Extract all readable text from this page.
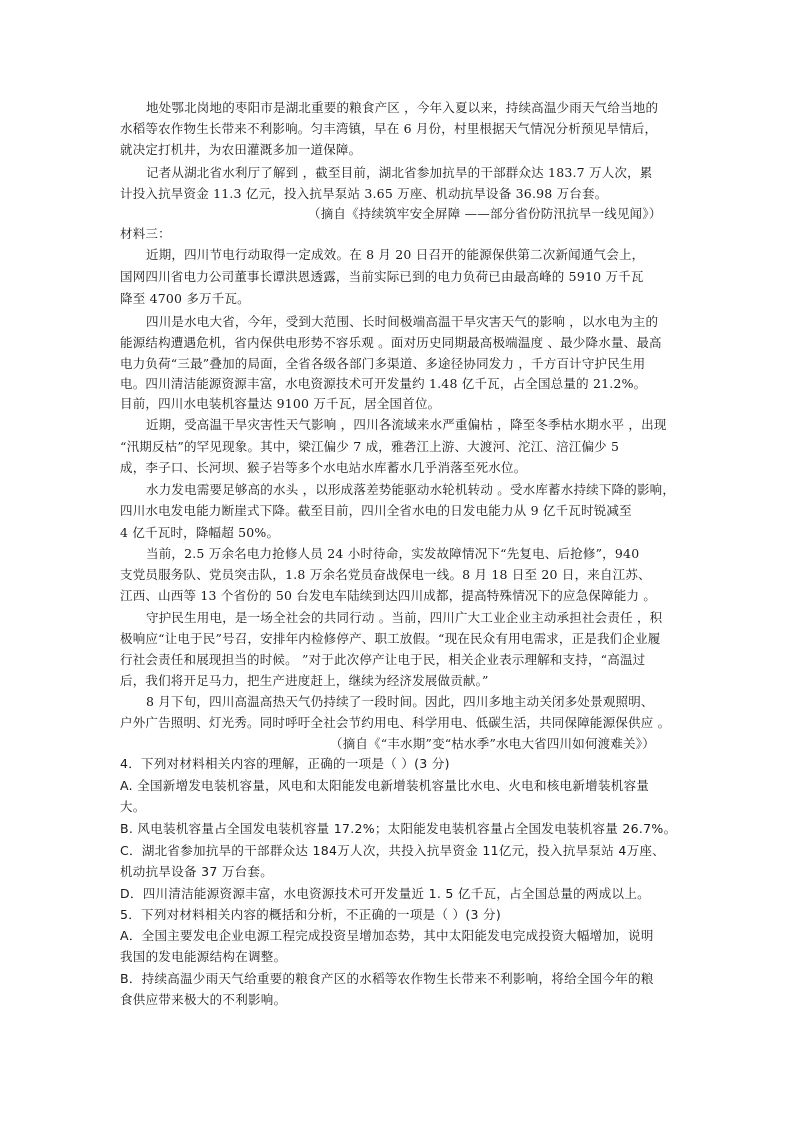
地处鄂北岗地的枣阳市是湖北重要的粮食产区 ，今年入夏以来，持续高温少雨天气给当地的
水稻等农作物生长带来不利影响。匀丰湾镇，早在 6 月份，村里根据天气情况分析预见旱情后，
就决定打机井，为农田灌溉多加一道保障。
记者从湖北省水利厅了解到 ，截至目前，湖北省参加抗旱的干部群众达 183.7 万人次，累
计投入抗旱资金 11.3 亿元，投入抗旱泵站 3.65 万座、机动抗旱设备 36.98 万台套。
（摘自《持续筑牢安全屏障 ——部分省份防汛抗旱一线见闻》）
材料三：
近期，四川节电行动取得一定成效。在 8 月 20 日召开的能源保供第二次新闻通气会上，
国网四川省电力公司董事长谭洪恩透露，当前实际已到的电力负荷已由最高峰的 5910 万千瓦
降至 4700 多万千瓦。
四川是水电大省，今年，受到大范围、长时间极端高温干旱灾害天气的影响 ，以水电为主的
能源结构遭遇危机，省内保供电形势不容乐观 。面对历史同期最高极端温度 、最少降水量、最高
电力负荷“三最”叠加的局面，全省各级各部门多渠道、多途径协同发力 ，千方百计守护民生用
电。四川清洁能源资源丰富，水电资源技术可开发量约 1.48 亿千瓦，占全国总量的 21.2%。
目前，四川水电装机容量达 9100 万千瓦，居全国首位。
近期，受高温干旱灾害性天气影响 ，四川各流域来水严重偏枯 ，降至冬季枯水期水平 ，出现
“汛期反枯”的罕见现象。其中，梁江偏少 7 成，雅砻江上游、大渡河、沱江、涪江偏少 5
成，李子口、长河坝、猴子岩等多个水电站水库蓄水几乎消落至死水位。
水力发电需要足够高的水头 ，以形成落差势能驱动水轮机转动 。受水库蓄水持续下降的影响，
四川水电发电能力断崖式下降。截至目前，四川全省水电的日发电能力从 9 亿千瓦时锐减至
4 亿千瓦时，降幅超 50%。
当前，2.5 万余名电力抢修人员 24 小时待命，实发故障情况下“先复电、后抢修”，940
支党员服务队、党员突击队，1.8 万余名党员奋战保电一线。8 月 18 日至 20 日，来自江苏、
江西、山西等 13 个省份的 50 台发电车陆续到达四川成都，提高特殊情况下的应急保障能力 。
守护民生用电，是一场全社会的共同行动 。当前，四川广大工业企业主动承担社会责任 ，积
极响应“让电于民”号召，安排年内检修停产、职工放假。“现在民众有用电需求，正是我们企业履
行社会责任和展现担当的时候。 ”对于此次停产让电于民，相关企业表示理解和支持，“高温过
后，我们将开足马力，把生产进度赶上，继续为经济发展做贡献。”
8 月下旬，四川高温高热天气仍持续了一段时间。因此，四川多地主动关闭多处景观照明、
户外广告照明、灯光秀。同时呼吁全社会节约用电、科学用电、低碳生活，共同保障能源保供应 。
（摘自《“丰水期”变“枯水季”水电大省四川如何渡难关》）
4．下列对材料相关内容的理解，正确的一项是（ ）(3 分)
A. 全国新增发电装机容量，风电和太阳能发电新增装机容量比水电、火电和核电新增装机容量
大。
B. 风电装机容量占全国发电装机容量 17.2%；太阳能发电装机容量占全国发电装机容量 26.7%。
C．湖北省参加抗旱的干部群众达 184万人次，共投入抗旱资金 11亿元，投入抗旱泵站 4万座、
机动抗旱设备 37 万台套。
D．四川清洁能源资源丰富，水电资源技术可开发量近 1. 5 亿千瓦，占全国总量的两成以上。
5．下列对材料相关内容的概括和分析，不正确的一项是（ ）(3 分)
A．全国主要发电企业电源工程完成投资呈增加态势，其中太阳能发电完成投资大幅增加，说明
我国的发电能源结构在调整。
B．持续高温少雨天气给重要的粮食产区的水稻等农作物生长带来不利影响，将给全国今年的粮
食供应带来极大的不利影响。
